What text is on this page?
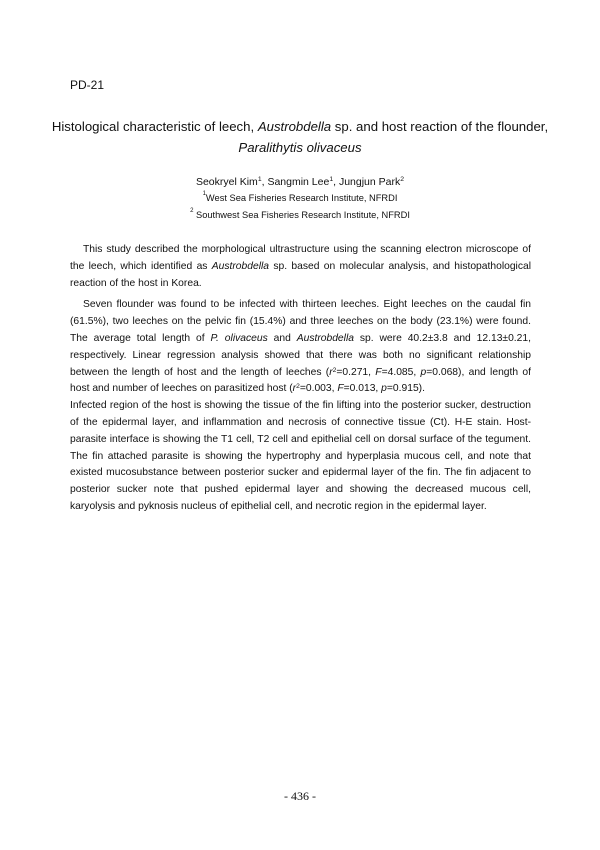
PD-21
Histological characteristic of leech, Austrobdella sp. and host reaction of the flounder,
Paralithytis olivaceus
Seokryel Kim$^1$, Sangmin Lee$^1$, Jungjun Park$^2$
$^1$West Sea Fisheries Research Institute, NFRDI
$^2$ Southwest Sea Fisheries Research Institute, NFRDI

This study described the morphological ultrastructure using the scanning electron microscope of the leech, which identified as Austrobdella sp. based on molecular analysis, and histopathological reaction of the host in Korea.

Seven flounder was found to be infected with thirteen leeches. Eight leeches on the caudal fin (61.5%), two leeches on the pelvic fin (15.4%) and three leeches on the body (23.1%) were found. The average total length of P. olivaceus and Austrobdella sp. were 40.2±3.8 and 12.13±0.21, respectively. Linear regression analysis showed that there was both no significant relationship between the length of host and the length of leeches ($r^2=0.271$, F=4.085, p=0.068), and length of host and number of leeches on parasitized host ($r^2=0.003$, F=0.013, p=0.915).

Infected region of the host is showing the tissue of the fin lifting into the posterior sucker, destruction of the epidermal layer, and inflammation and necrosis of connective tissue (Ct). H-E stain. Host-parasite interface is showing the T1 cell, T2 cell and epithelial cell on dorsal surface of the tegument. The fin attached parasite is showing the hypertrophy and hyperplasia mucous cell, and note that existed mucosubstance between posterior sucker and epidermal layer of the fin. The fin adjacent to posterior sucker note that pushed epidermal layer and showing the decreased mucous cell, karyolysis and pyknosis nucleus of epithelial cell, and necrotic region in the epidermal layer.

- 436 -
